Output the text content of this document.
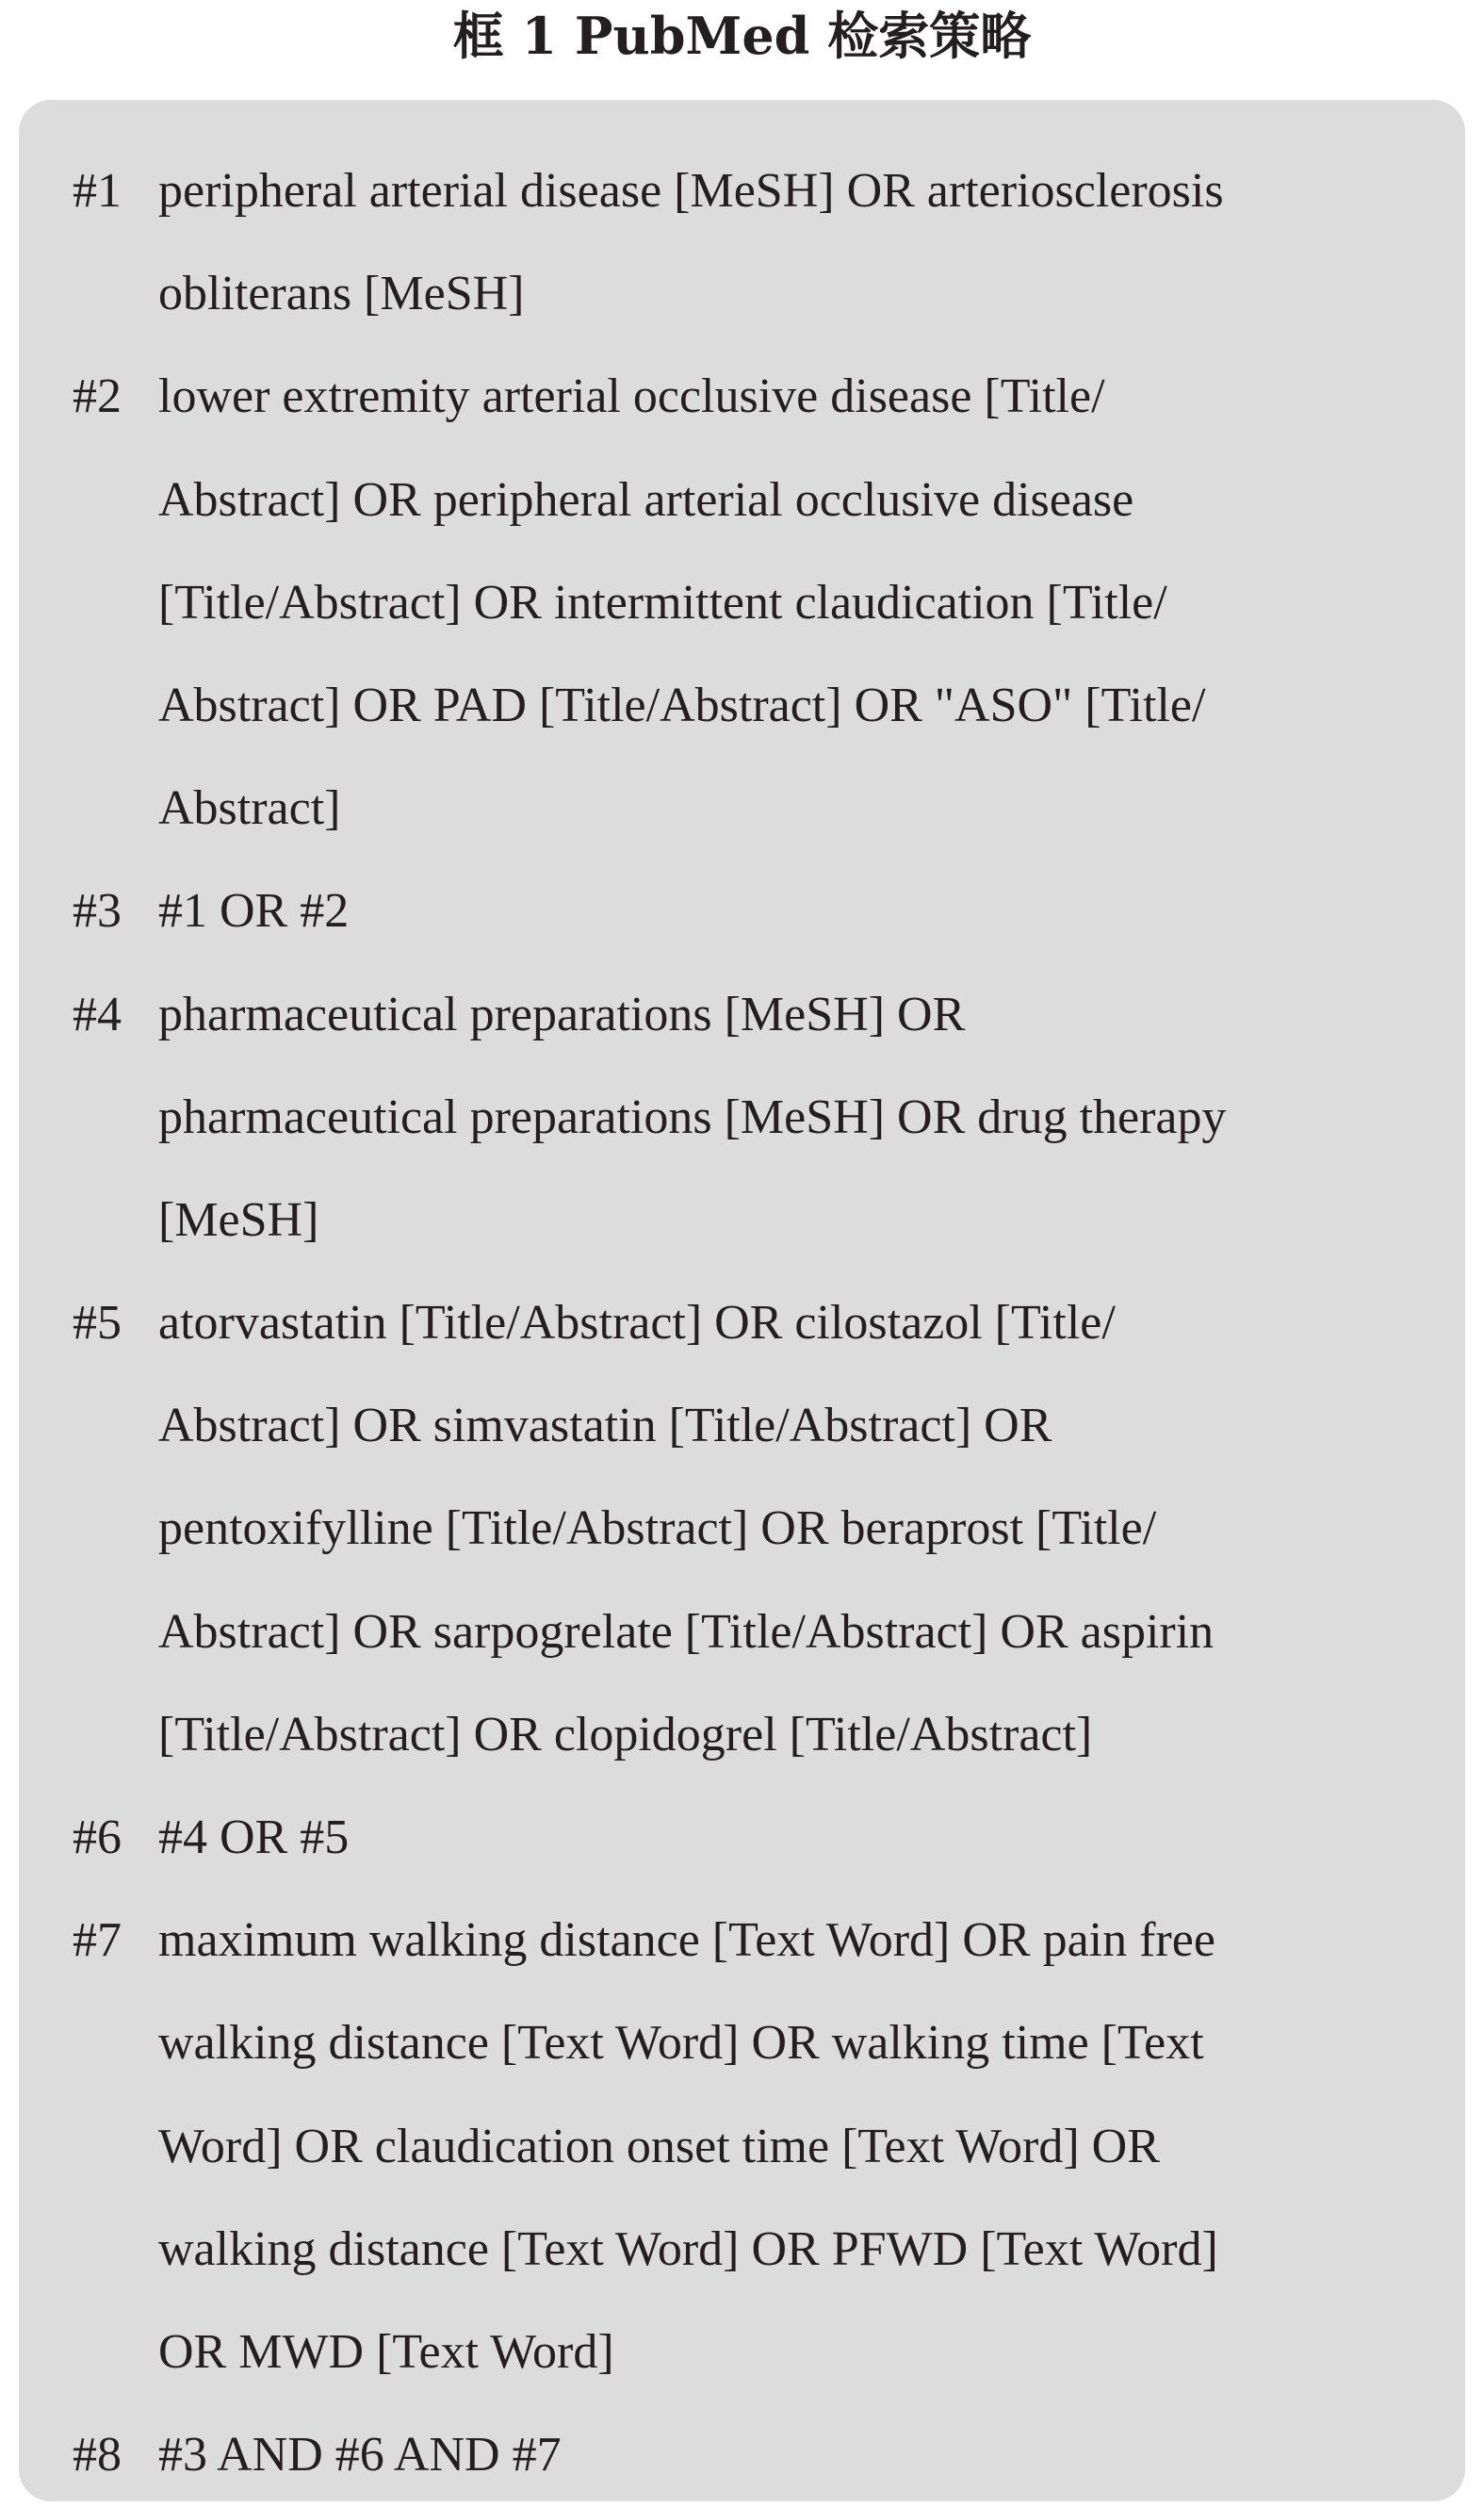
框 1 PubMed 检索策略
#1 peripheral arterial disease [MeSH] OR arteriosclerosis
obliterans [MeSH]
#2 lower extremity arterial occlusive disease [Title/
Abstract] OR peripheral arterial occlusive disease
[Title/Abstract] OR intermittent claudication [Title/
Abstract] OR PAD [Title/Abstract] OR "ASO" [Title/
Abstract]
#3 #1 OR #2
#4 pharmaceutical preparations [MeSH] OR
pharmaceutical preparations [MeSH] OR drug therapy
[MeSH]
#5 atorvastatin [Title/Abstract] OR cilostazol [Title/
Abstract] OR simvastatin [Title/Abstract] OR
pentoxifylline [Title/Abstract] OR beraprost [Title/
Abstract] OR sarpogrelate [Title/Abstract] OR aspirin
[Title/Abstract] OR clopidogrel [Title/Abstract]
#6 #4 OR #5
#7 maximum walking distance [Text Word] OR pain free
walking distance [Text Word] OR walking time [Text
Word] OR claudication onset time [Text Word] OR
walking distance [Text Word] OR PFWD [Text Word]
OR MWD [Text Word]
#8 #3 AND #6 AND #7
